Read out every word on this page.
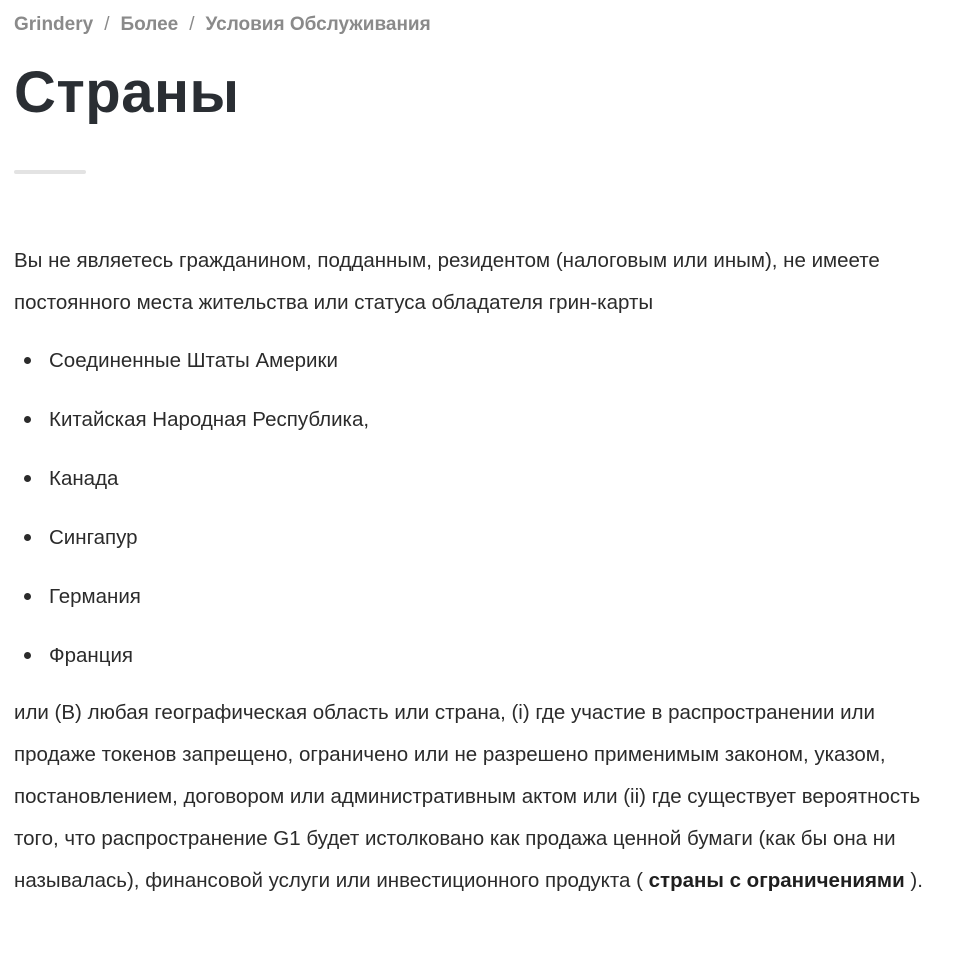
Grindery / Более / Условия Обслуживания
Страны

Вы не являетесь гражданином, подданным, резидентом (налоговым или иным), не имеете постоянного места жительства или статуса обладателя грин-карты

Соединенные Штаты Америки
Китайская Народная Республика,
Канада
Сингапур
Германия
Франция

или (B) любая географическая область или страна, (i) где участие в распространении или продаже токенов запрещено, ограничено или не разрешено применимым законом, указом, постановлением, договором или административным актом или (ii) где существует вероятность того, что распространение G1 будет истолковано как продажа ценной бумаги (как бы она ни называлась), финансовой услуги или инвестиционного продукта ( страны с ограничениями ).
